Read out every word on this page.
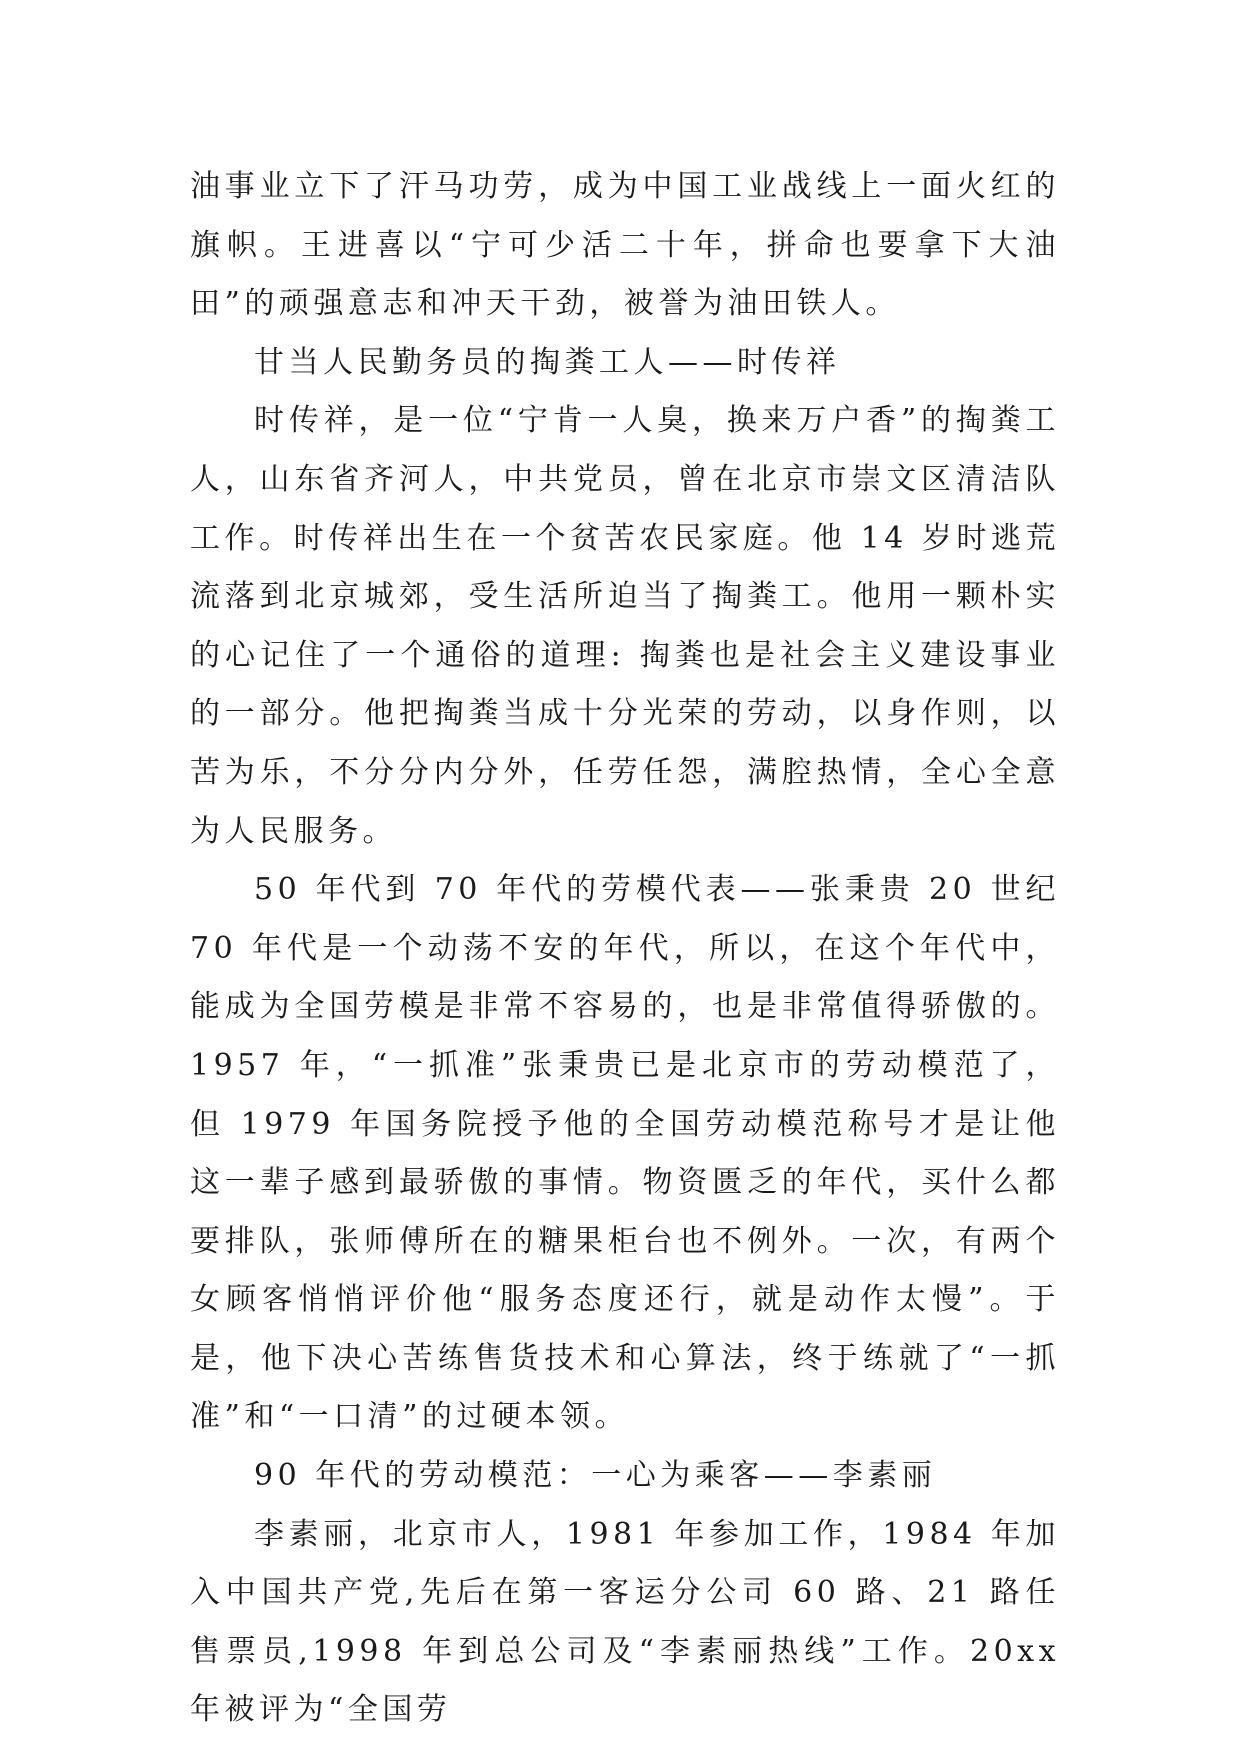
油事业立下了汗马功劳，成为中国工业战线上一面火红的旗帜。王进喜以“宁可少活二十年，拼命也要拿下大油田”的顽强意志和冲天干劲，被誉为油田铁人。

甘当人民勤务员的掏粪工人——时传祥

时传祥，是一位“宁肯一人臭，换来万户香”的掏粪工人，山东省齐河人，中共党员，曾在北京市崇文区清洁队工作。时传祥出生在一个贫苦农民家庭。他 14 岁时逃荒流落到北京城郊，受生活所迫当了掏粪工。他用一颗朴实的心记住了一个通俗的道理: 掏粪也是社会主义建设事业的一部分。他把掏粪当成十分光荣的劳动，以身作则，以苦为乐，不分分内分外，任劳任怨，满腔热情，全心全意为人民服务。

50 年代到 70 年代的劳模代表——张秉贵 20 世纪 70 年代是一个动荡不安的年代，所以，在这个年代中，能成为全国劳模是非常不容易的，也是非常值得骄傲的。1957 年，“一抓准”张秉贵已是北京市的劳动模范了，但 1979 年国务院授予他的全国劳动模范称号才是让他这一辈子感到最骄傲的事情。物资匮乏的年代，买什么都要排队，张师傅所在的糖果柜台也不例外。一次，有两个女顾客悄悄评价他“服务态度还行，就是动作太慢”。于是，他下决心苦练售货技术和心算法，终于练就了“一抓准”和“一口清”的过硬本领。

90 年代的劳动模范：一心为乘客——李素丽

李素丽，北京市人，1981 年参加工作，1984 年加入中国共产党,先后在第一客运分公司 60 路、21 路任售票员,1998 年到总公司及“李素丽热线”工作。20xx 年被评为“全国劳
